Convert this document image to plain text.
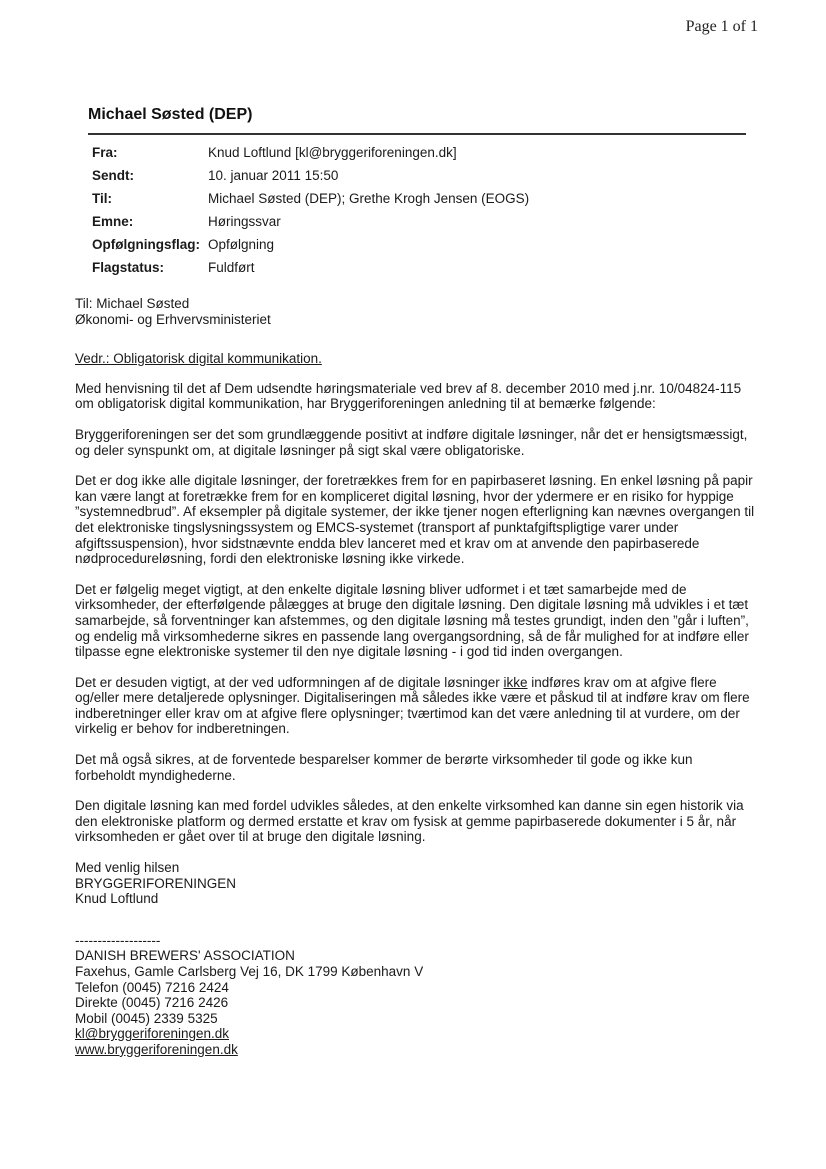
Page 1 of 1
Michael Søsted (DEP)
Fra:	Knud Loftlund [kl@bryggeriforeningen.dk]
Sendt:	10. januar 2011 15:50
Til:	Michael Søsted (DEP); Grethe Krogh Jensen (EOGS)
Emne:	Høringssvar
Opfølgningsflag:	Opfølgning
Flagstatus:	Fuldført

Til: Michael Søsted

Økonomi- og Erhvervsministeriet

Vedr.: Obligatorisk digital kommunikation.

Med henvisning til det af Dem udsendte høringsmateriale ved brev af 8. december 2010 med j.nr. 10/04824-115 om obligatorisk digital kommunikation, har Bryggeriforeningen anledning til at bemærke følgende:

Bryggeriforeningen ser det som grundlæggende positivt at indføre digitale løsninger, når det er hensigtsmæssigt, og deler synspunkt om, at digitale løsninger på sigt skal være obligatoriske.

Det er dog ikke alle digitale løsninger, der foretrækkes frem for en papirbaseret løsning. En enkel løsning på papir kan være langt at foretrække frem for en kompliceret digital løsning, hvor der ydermere er en risiko for hyppige ”systemnedbrud”. Af eksempler på digitale systemer, der ikke tjener nogen efterligning kan nævnes overgangen til det elektroniske tingslysningssystem og EMCS-systemet (transport af punktafgiftspligtige varer under afgiftssuspension), hvor sidstnævnte endda blev lanceret med et krav om at anvende den papirbaserede nødprocedureløsning, fordi den elektroniske løsning ikke virkede.

Det er følgelig meget vigtigt, at den enkelte digitale løsning bliver udformet i et tæt samarbejde med de virksomheder, der efterfølgende pålægges at bruge den digitale løsning. Den digitale løsning må udvikles i et tæt samarbejde, så forventninger kan afstemmes, og den digitale løsning må testes grundigt, inden den ”går i luften”, og endelig må virksomhederne sikres en passende lang overgangsordning, så de får mulighed for at indføre eller tilpasse egne elektroniske systemer til den nye digitale løsning - i god tid inden overgangen.

Det er desuden vigtigt, at der ved udformningen af de digitale løsninger ikke indføres krav om at afgive flere og/eller mere detaljerede oplysninger. Digitaliseringen må således ikke være et påskud til at indføre krav om flere indberetninger eller krav om at afgive flere oplysninger; tværtimod kan det være anledning til at vurdere, om der virkelig er behov for indberetningen.

Det må også sikres, at de forventede besparelser kommer de berørte virksomheder til gode og ikke kun forbeholdt myndighederne.

Den digitale løsning kan med fordel udvikles således, at den enkelte virksomhed kan danne sin egen historik via den elektroniske platform og dermed erstatte et krav om fysisk at gemme papirbaserede dokumenter i 5 år, når virksomheden er gået over til at bruge den digitale løsning.

Med venlig hilsen

BRYGGERIFORENINGEN

Knud Loftlund

-------------------

DANISH BREWERS' ASSOCIATION

Faxehus, Gamle Carlsberg Vej 16, DK 1799 København V

Telefon (0045) 7216 2424

Direkte (0045) 7216 2426

Mobil (0045) 2339 5325

kl@bryggeriforeningen.dk

www.bryggeriforeningen.dk
